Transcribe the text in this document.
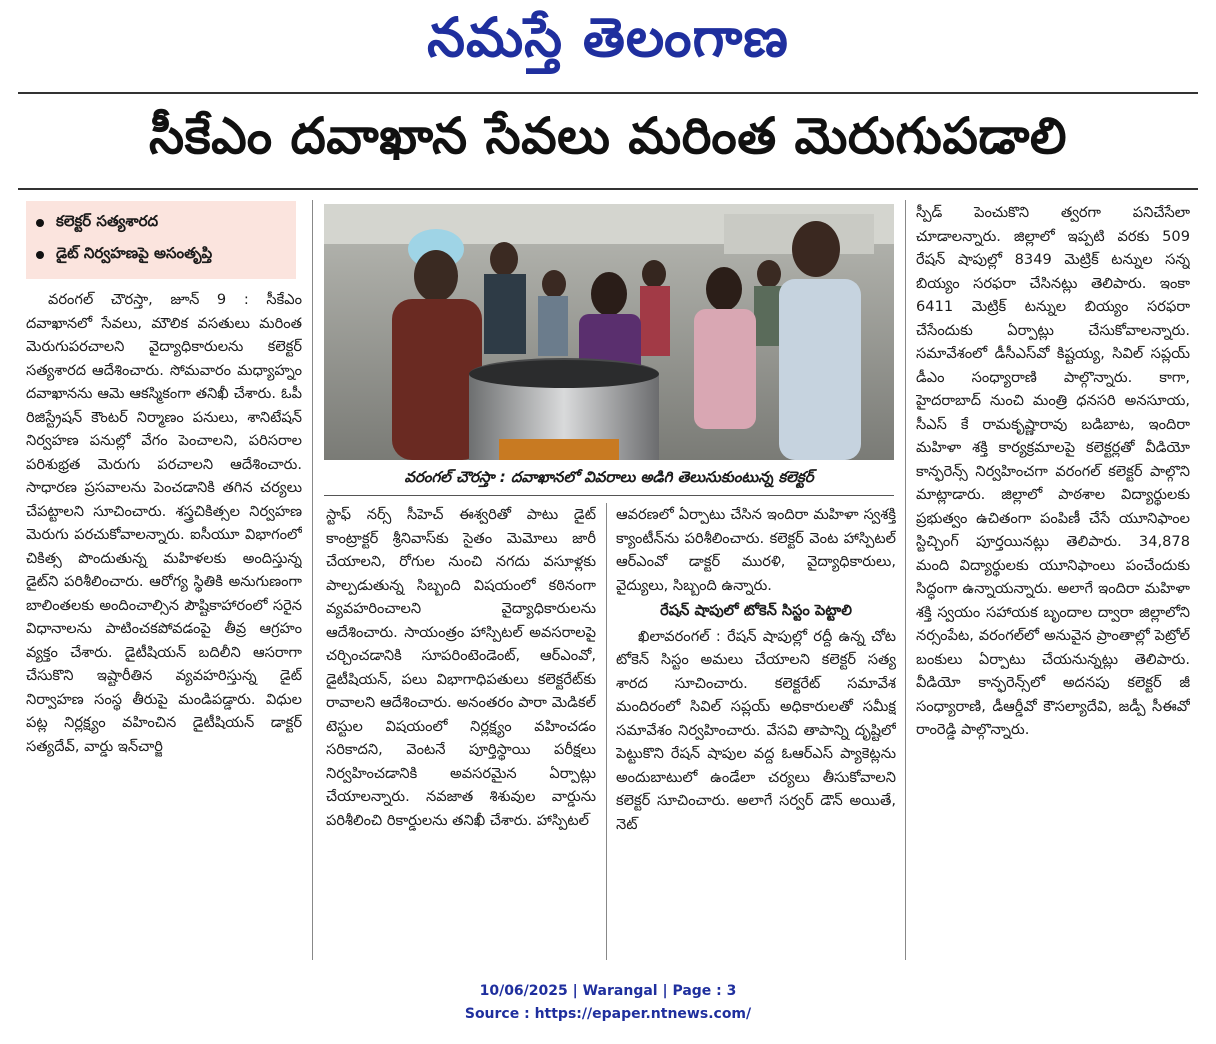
నమస్తే తెలంగాణ
సీకేఎం దవాఖాన సేవలు మరింత మెరుగుపడాలి
కలెక్టర్ సత్యశారద
డైట్ నిర్వహణపై అసంతృప్తి

వరంగల్ చౌరస్తా, జూన్ 9 : సీకేఎం దవాఖానలో సేవలు, మౌలిక వసతులు మరింత మెరుగుపరచాలని వైద్యాధికారులను కలెక్టర్ సత్యశారద ఆదేశించారు. సోమవారం మధ్యాహ్నం దవాఖానను ఆమె ఆకస్మికంగా తనిఖీ చేశారు. ఓపీ రిజిస్ట్రేషన్ కౌంటర్ నిర్మాణం పనులు, శానిటేషన్ నిర్వహణ పనుల్లో వేగం పెంచాలని, పరిసరాల పరిశుభ్రత మెరుగు పరచాలని ఆదేశించారు. సాధారణ ప్రసవాలను పెంచడానికి తగిన చర్యలు చేపట్టాలని సూచించారు. శస్త్రచికిత్సల నిర్వహణ మెరుగు పరచుకోవాలన్నారు. ఐసీయూ విభాగంలో చికిత్స పొందుతున్న మహిళలకు అందిస్తున్న డైట్‌ని పరిశీలించారు. ఆరోగ్య స్థితికి అనుగుణంగా బాలింతలకు అందించాల్సిన పౌష్టికాహారంలో సరైన విధానాలను పాటించకపోవడంపై తీవ్ర ఆగ్రహం వ్యక్తం చేశారు. డైటీషియన్ బదిలీని ఆసరాగా చేసుకొని ఇష్టారీతిన వ్యవహరిస్తున్న డైట్ నిర్వాహణ సంస్థ తీరుపై మండిపడ్డారు. విధుల పట్ల నిర్లక్ష్యం వహించిన డైటీషియన్ డాక్టర్ సత్యదేవ్, వార్డు ఇన్‌చార్జి

వరంగల్ చౌరస్తా : దవాఖానలో వివరాలు అడిగి తెలుసుకుంటున్న కలెక్టర్

స్టాఫ్ నర్స్ సీహెచ్ ఈశ్వరితో పాటు డైట్ కాంట్రాక్టర్ శ్రీనివాస్‌కు సైతం మెమోలు జారీ చేయాలని, రోగుల నుంచి నగదు వసూళ్లకు పాల్పడుతున్న సిబ్బంది విషయంలో కఠినంగా వ్యవహరించాలని వైద్యాధికారులను ఆదేశించారు. సాయంత్రం హాస్పిటల్ అవసరాలపై చర్చించడానికి సూపరింటెండెంట్, ఆర్ఎంవో, డైటీషియన్, పలు విభాగాధిపతులు కలెక్టరేట్‌కు రావాలని ఆదేశించారు. అనంతరం పారా మెడికల్ టెస్టుల విషయంలో నిర్లక్ష్యం వహించడం సరికాదని, వెంటనే పూర్తిస్థాయి పరీక్షలు నిర్వహించడానికి అవసరమైన ఏర్పాట్లు చేయాలన్నారు. నవజాత శిశువుల వార్డును పరిశీలించి రికార్డులను తనిఖీ చేశారు. హాస్పిటల్

ఆవరణలో ఏర్పాటు చేసిన ఇందిరా మహిళా స్వశక్తి క్యాంటీన్‌ను పరిశీలించారు. కలెక్టర్ వెంట హాస్పిటల్ ఆర్ఎంవో డాక్టర్ మురళి, వైద్యాధికారులు, వైద్యులు, సిబ్బంది ఉన్నారు.

రేషన్ షాపులో టోకెన్ సిస్టం పెట్టాలి

ఖిలావరంగల్ : రేషన్ షాపుల్లో రద్దీ ఉన్న చోట టోకెన్ సిస్టం అమలు చేయాలని కలెక్టర్ సత్య శారద సూచించారు. కలెక్టరేట్ సమావేశ మందిరంలో సివిల్ సప్లయ్ అధికారులతో సమీక్ష సమావేశం నిర్వహించారు. వేసవి తాపాన్ని దృష్టిలో పెట్టుకొని రేషన్ షాపుల వద్ద ఓఆర్ఎస్ ప్యాకెట్లను అందుబాటులో ఉండేలా చర్యలు తీసుకోవాలని కలెక్టర్ సూచించారు. అలాగే సర్వర్ డౌన్ అయితే, నెట్

స్పీడ్ పెంచుకొని త్వరగా పనిచేసేలా చూడాలన్నారు. జిల్లాలో ఇప్పటి వరకు 509 రేషన్ షాపుల్లో 8349 మెట్రిక్ టన్నుల సన్న బియ్యం సరఫరా చేసినట్లు తెలిపారు. ఇంకా 6411 మెట్రిక్ టన్నుల బియ్యం సరఫరా చేసేందుకు ఏర్పాట్లు చేసుకోవాలన్నారు. సమావేశంలో డీసీఎస్‌వో కిష్టయ్య, సివిల్ సప్లయ్ డీఎం సంధ్యారాణి పాల్గొన్నారు. కాగా, హైదరాబాద్ నుంచి మంత్రి ధనసరి అనసూయ, సీఎస్ కే రామకృష్ణారావు బడిబాట, ఇందిరా మహిళా శక్తి కార్యక్రమాలపై కలెక్టర్లతో వీడియో కాన్ఫరెన్స్ నిర్వహించగా వరంగల్ కలెక్టర్ పాల్గొని మాట్లాడారు. జిల్లాలో పాఠశాల విద్యార్థులకు ప్రభుత్వం ఉచితంగా పంపిణీ చేసే యూనిఫాంల స్టిచ్చింగ్ పూర్తయినట్లు తెలిపారు. 34,878 మంది విద్యార్థులకు యూనిఫాంలు పంచేందుకు సిద్ధంగా ఉన్నాయన్నారు. అలాగే ఇందిరా మహిళా శక్తి స్వయం సహాయక బృందాల ద్వారా జిల్లాలోని నర్సంపేట, వరంగల్‌లో అనువైన ప్రాంతాల్లో పెట్రోల్ బంకులు ఏర్పాటు చేయనున్నట్లు తెలిపారు. వీడియో కాన్ఫరెన్స్‌లో అదనపు కలెక్టర్ జీ సంధ్యారాణి, డీఆర్డీవో కౌసల్యాదేవి, జడ్పీ సీఈవో రాంరెడ్డి పాల్గొన్నారు.

10/06/2025 | Warangal | Page : 3
Source : https://epaper.ntnews.com/
